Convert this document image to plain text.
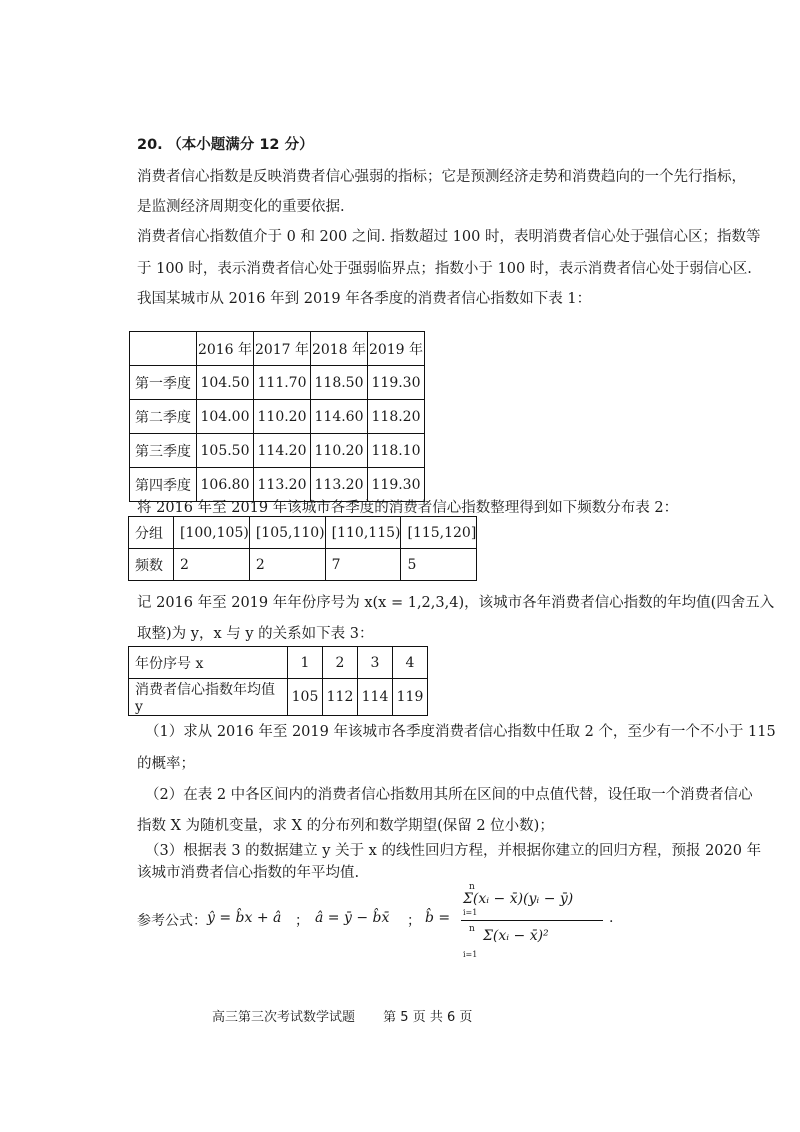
20. （本小题满分 12 分）
消费者信心指数是反映消费者信心强弱的指标；它是预测经济走势和消费趋向的一个先行指标，
是监测经济周期变化的重要依据.
消费者信心指数值介于 0 和 200 之间. 指数超过 100 时，表明消费者信心处于强信心区；指数等
于 100 时，表示消费者信心处于强弱临界点；指数小于 100 时，表示消费者信心处于弱信心区.
我国某城市从 2016 年到 2019 年各季度的消费者信心指数如下表 1：
	2016 年	2017 年	2018 年	2019 年
第一季度	104.50	111.70	118.50	119.30
第二季度	104.00	110.20	114.60	118.20
第三季度	105.50	114.20	110.20	118.10
第四季度	106.80	113.20	113.20	119.30
将 2016 年至 2019 年该城市各季度的消费者信心指数整理得到如下频数分布表 2：
分组	[100,105)	[105,110)	[110,115)	[115,120]
频数	2	2	7	5
记 2016 年至 2019 年年份序号为 x(x = 1,2,3,4)，该城市各年消费者信心指数的年均值(四舍五入
取整)为 y，x 与 y 的关系如下表 3：
年份序号 x	1	2	3	4
消费者信心指数年均值 y	105	112	114	119
（1）求从 2016 年至 2019 年该城市各季度消费者信心指数中任取 2 个，至少有一个不小于 115
的概率；
（2）在表 2 中各区间内的消费者信心指数用其所在区间的中点值代替，设任取一个消费者信心
指数 X 为随机变量，求 X 的分布列和数学期望(保留 2 位小数)；
（3）根据表 3 的数据建立 y 关于 x 的线性回归方程，并根据你建立的回归方程，预报 2020 年
该城市消费者信心指数的年平均值.
参考公式： ŷ = b̂x + â ； â = ȳ − b̂x̄ ； b̂ =
n
i=1
Σ(xᵢ − x̄)(yᵢ − ȳ)
n
i=1
Σ(xᵢ − x̄)²
.
高三第三次考试数学试题 第 5 页 共 6 页
